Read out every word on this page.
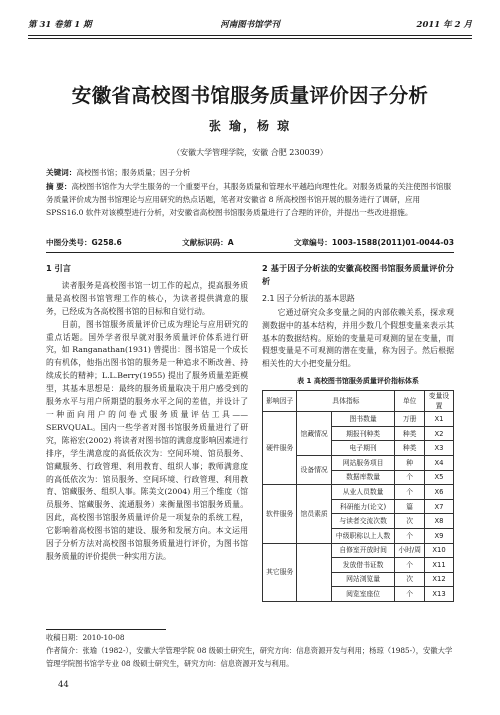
第 31 卷第 1 期	河南图书馆学刊	2011 年 2 月
安徽省高校图书馆服务质量评价因子分析
张 瑜，杨 琼
（安徽大学管理学院，安徽 合肥 230039）
关键词：高校图书馆；服务质量；因子分析
摘 要：高校图书馆作为大学生服务的一个重要平台，其服务质量和管理水平越趋向理性化。对服务质量的关注使图书馆服务质量评价成为图书馆理论与应用研究的热点话题，笔者对安徽省 8 所高校图书馆开展的服务进行了调研，应用 SPSS16.0 软件对该模型进行分析，对安徽省高校图书馆服务质量进行了合理的评价，并提出一些改进措施。
中图分类号：G258.6	文献标识码：A	文章编号：1003-1588(2011)01-0044-03
1 引言

读者服务是高校图书馆一切工作的起点，提高服务质量是高校图书馆管理工作的核心，为读者提供满意的服务，已经成为各高校图书馆的目标和自觉行动。

目前，图书馆服务质量评价已成为理论与应用研究的重点话题。国外学者很早就对服务质量评价体系进行研究，如 Ranganathan(1931) 曾提出：图书馆是一个成长的有机体，他指出图书馆的服务是一种追求不断改善、持续成长的精神；L.L.Berry(1955) 提出了服务质量差距模型，其基本思想是：最终的服务质量取决于用户感受到的服务水平与用户所期望的服务水平之间的差值，并设计了一种面向用户的问卷式服务质量评估工具——SERVQUAL。国内一些学者对图书馆服务质量进行了研究，陈裕宏(2002) 将读者对图书馆的满意度影响因素进行排序，学生满意度的高低依次为：空间环境、馆员服务、馆藏服务、行政管理、利用教育、组织人事；教师满意度的高低依次为：馆员服务、空间环境、行政管理、利用教育、馆藏服务、组织人事。陈美文(2004) 用三个维度（馆员服务、馆藏服务、流通服务）来衡量图书馆服务质量。因此，高校图书馆服务质量评价是一项复杂的系统工程，它影响着高校图书馆的建设、服务和发展方向。本文运用因子分析方法对高校图书馆服务质量进行评价，为图书馆服务质量的评价提供一种实用方法。

2 基于因子分析法的安徽高校图书馆服务质量评价分析
2.1 因子分析法的基本思路

它通过研究众多变量之间的内部依赖关系，探求观测数据中的基本结构，并用少数几个假想变量来表示其基本的数据结构。原始的变量是可观测的显在变量，而假想变量是不可观测的潜在变量，称为因子。然后根据相关性的大小把变量分组。

表 1 高校图书馆服务质量评价指标体系
影响因子	具体指标		单位	变量设置
硬件服务	馆藏情况	图书数量	万册	X1
		期报刊种类	种类	X2
		电子期刊	种类	X3
	设备情况	网站服务项目	种	X4
		数据库数量	个	X5
软件服务	馆员素质	从业人员数量	个	X6
		科研能力(论文)	篇	X7
		与读者交流次数	次	X8
		中级职称以上人数	个	X9
其它服务		自修室开放时间	小时/周	X10
		发放借书证数	个	X11
		网站浏览量	次	X12
		阅览室座位	个	X13
收稿日期：2010-10-08
作者简介：张瑜（1982-），安徽大学管理学院 08 级硕士研究生，研究方向：信息资源开发与利用；杨琼（1985-），安徽大学管理学院图书馆学专业 08 级硕士研究生，研究方向：信息资源开发与利用。
44
